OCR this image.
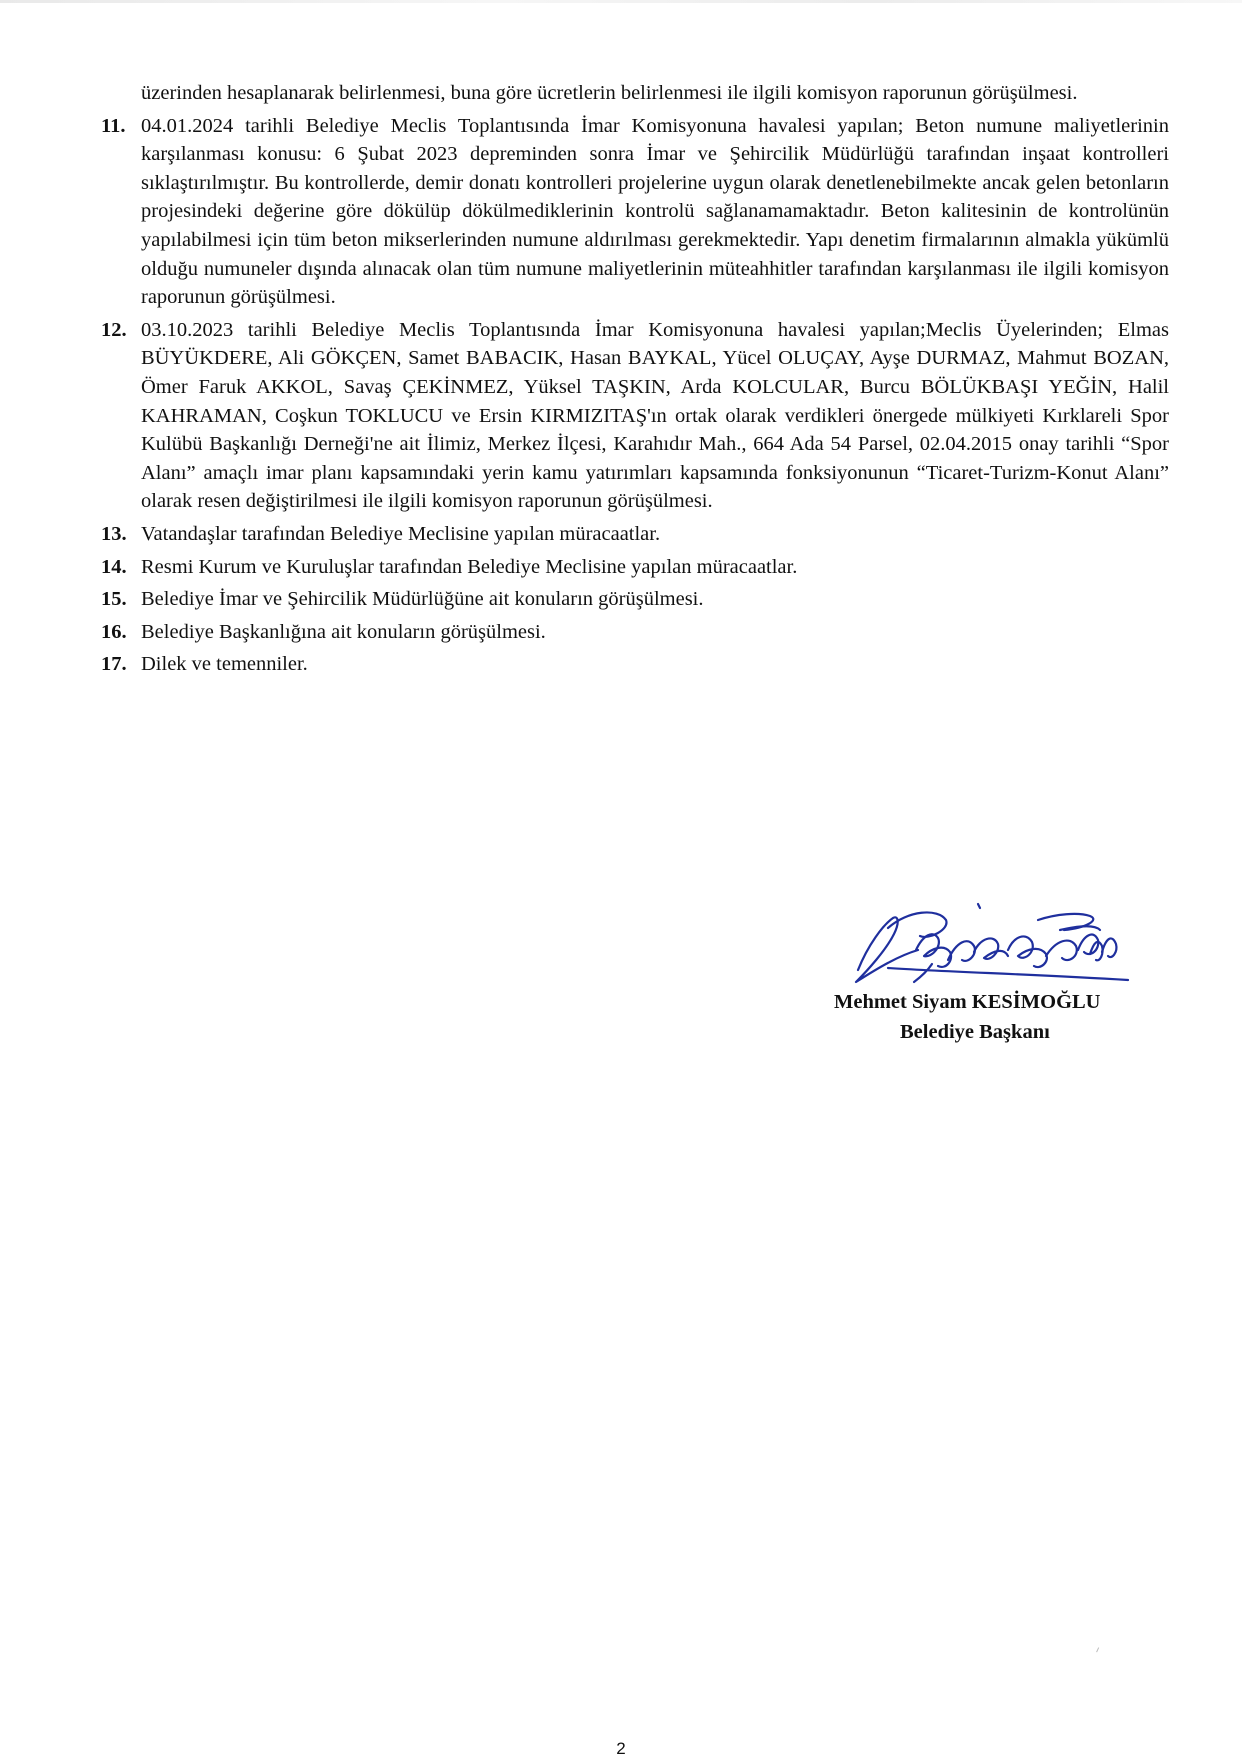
üzerinden hesaplanarak belirlenmesi, buna göre ücretlerin belirlenmesi ile ilgili komisyon raporunun görüşülmesi.

11. 04.01.2024 tarihli Belediye Meclis Toplantısında İmar Komisyonuna havalesi yapılan; Beton numune maliyetlerinin karşılanması konusu: 6 Şubat 2023 depreminden sonra İmar ve Şehircilik Müdürlüğü tarafından inşaat kontrolleri sıklaştırılmıştır. Bu kontrollerde, demir donatı kontrolleri projelerine uygun olarak denetlenebilmekte ancak gelen betonların projesindeki değerine göre dökülüp dökülmediklerinin kontrolü sağlanamamaktadır. Beton kalitesinin de kontrolünün yapılabilmesi için tüm beton mikserlerinden numune aldırılması gerekmektedir. Yapı denetim firmalarının almakla yükümlü olduğu numuneler dışında alınacak olan tüm numune maliyetlerinin müteahhitler tarafından karşılanması ile ilgili komisyon raporunun görüşülmesi.

12. 03.10.2023 tarihli Belediye Meclis Toplantısında İmar Komisyonuna havalesi yapılan;Meclis Üyelerinden; Elmas BÜYÜKDERE, Ali GÖKÇEN, Samet BABACIK, Hasan BAYKAL, Yücel OLUÇAY, Ayşe DURMAZ, Mahmut BOZAN, Ömer Faruk AKKOL, Savaş ÇEKİNMEZ, Yüksel TAŞKIN, Arda KOLCULAR, Burcu BÖLÜKBAŞI YEĞİN, Halil KAHRAMAN, Coşkun TOKLUCU ve Ersin KIRMIZITAŞ'ın ortak olarak verdikleri önergede mülkiyeti Kırklareli Spor Kulübü Başkanlığı Derneği'ne ait İlimiz, Merkez İlçesi, Karahıdır Mah., 664 Ada 54 Parsel, 02.04.2015 onay tarihli “Spor Alanı” amaçlı imar planı kapsamındaki yerin kamu yatırımları kapsamında fonksiyonunun “Ticaret-Turizm-Konut Alanı” olarak resen değiştirilmesi ile ilgili komisyon raporunun görüşülmesi.

13. Vatandaşlar tarafından Belediye Meclisine yapılan müracaatlar.

14. Resmi Kurum ve Kuruluşlar tarafından Belediye Meclisine yapılan müracaatlar.

15. Belediye İmar ve Şehircilik Müdürlüğüne ait konuların görüşülmesi.

16. Belediye Başkanlığına ait konuların görüşülmesi.

17. Dilek ve temenniler.

Mehmet Siyam KESİMOĞLU
Belediye Başkanı
2
